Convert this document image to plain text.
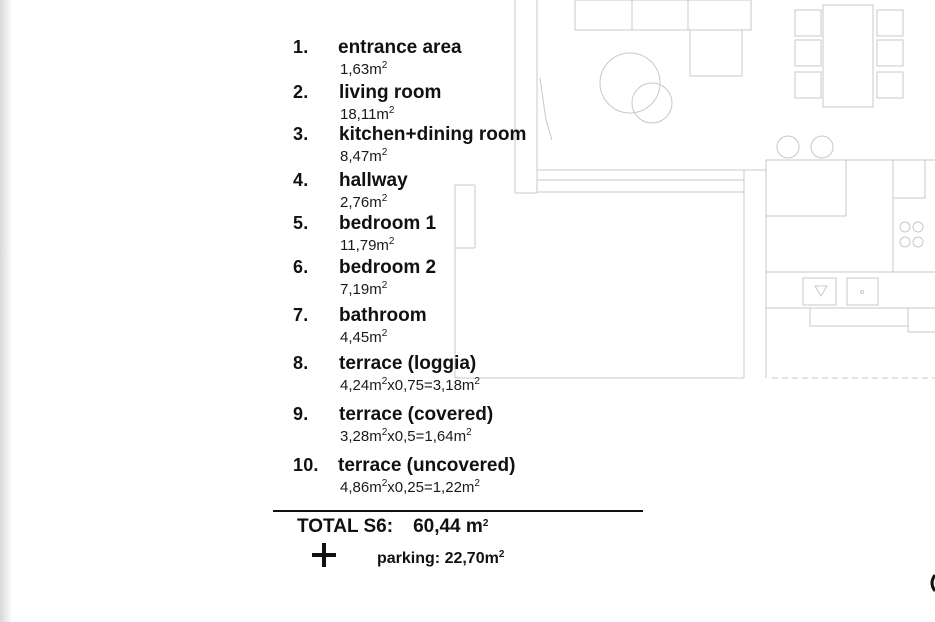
1. entrance area
$1,63m^2$
2. living room
$18,11m^2$
3. kitchen+dining room
$8,47m^2$
4. hallway
$2,76m^2$
5. bedroom 1
$11,79m^2$
6. bedroom 2
$7,19m^2$
7. bathroom
$4,45m^2$
8. terrace (loggia)
$4,24m^2x0,75=3,18m^2$
9. terrace (covered)
$3,28m^2x0,5=1,64m^2$
10. terrace (uncovered)
$4,86m^2x0,25=1,22m^2$
TOTAL S6: 60,44 $m^2$
parking: $22,70m^2$
